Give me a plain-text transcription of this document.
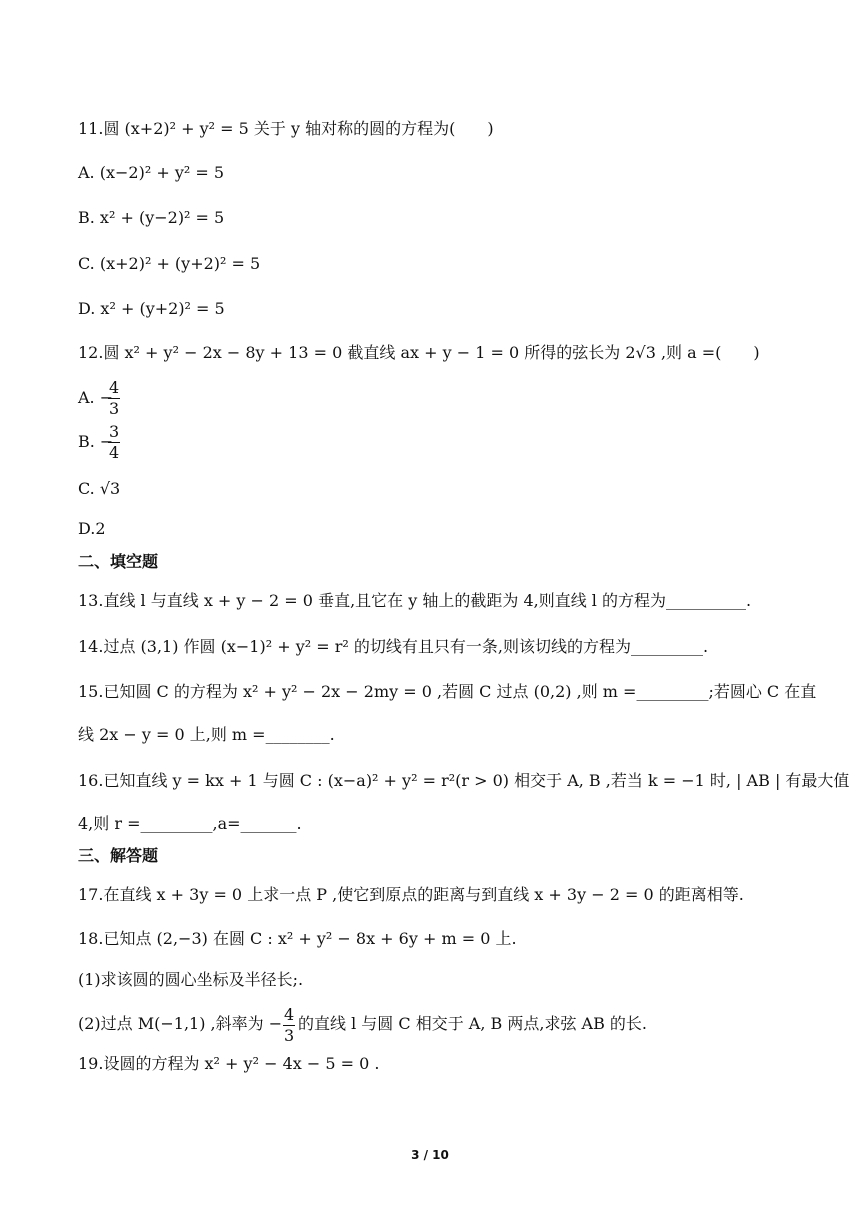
11.圆 (x+2)² + y² = 5 关于 y 轴对称的圆的方程为(　　)
A. (x−2)² + y² = 5
B. x² + (y−2)² = 5
C. (x+2)² + (y+2)² = 5
D. x² + (y+2)² = 5
12.圆 x² + y² − 2x − 8y + 13 = 0 截直线 ax + y − 1 = 0 所得的弦长为 2√3 ,则 a =(　　)
A. −
$\frac{4}{3}$
B. −
$\frac{3}{4}$
C. √3
D.2
二、填空题
13.直线 l 与直线 x + y − 2 = 0 垂直,且它在 y 轴上的截距为 4,则直线 l 的方程为__________.
14.过点 (3,1) 作圆 (x−1)² + y² = r² 的切线有且只有一条,则该切线的方程为_________.
15.已知圆 C 的方程为 x² + y² − 2x − 2my = 0 ,若圆 C 过点 (0,2) ,则 m =_________;若圆心 C 在直
线 2x − y = 0 上,则 m =________.
16.已知直线 y = kx + 1 与圆 C : (x−a)² + y² = r²(r > 0) 相交于 A, B ,若当 k = −1 时, | AB | 有最大值
4,则 r =_________,a=_______.
三、解答题
17.在直线 x + 3y = 0 上求一点 P ,使它到原点的距离与到直线 x + 3y − 2 = 0 的距离相等.
18.已知点 (2,−3) 在圆 C : x² + y² − 8x + 6y + m = 0 上.
(1)求该圆的圆心坐标及半径长;.
(2)过点 M(−1,1) ,斜率为 − $\frac{4}{3}$ 的直线 l 与圆 C 相交于 A, B 两点,求弦 AB 的长.
19.设圆的方程为 x² + y² − 4x − 5 = 0 .
3 / 10
